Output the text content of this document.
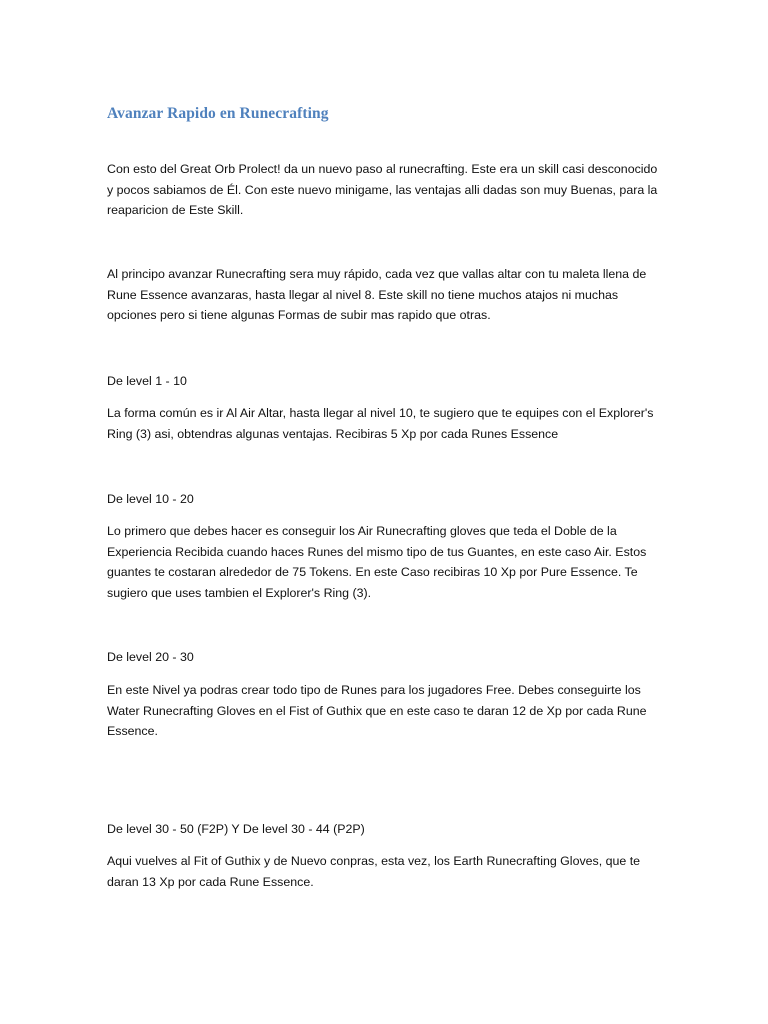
Avanzar Rapido en Runecrafting

Con esto del Great Orb Prolect! da un nuevo paso al runecrafting. Este era un skill casi desconocido y pocos sabiamos de Él. Con este nuevo minigame, las ventajas alli dadas son muy Buenas, para la reaparicion de Este Skill.

Al principo avanzar Runecrafting sera muy rápido, cada vez que vallas altar con tu maleta llena de Rune Essence avanzaras, hasta llegar al nivel 8. Este skill no tiene muchos atajos ni muchas opciones pero si tiene algunas Formas de subir mas rapido que otras.

De level 1 - 10

La forma común es ir Al Air Altar, hasta llegar al nivel 10, te sugiero que te equipes con el Explorer's Ring (3) asi, obtendras algunas ventajas. Recibiras 5 Xp por cada Runes Essence

De level 10 - 20

Lo primero que debes hacer es conseguir los Air Runecrafting gloves que teda el Doble de la Experiencia Recibida cuando haces Runes del mismo tipo de tus Guantes, en este caso Air. Estos guantes te costaran alrededor de 75 Tokens. En este Caso recibiras 10 Xp por Pure Essence. Te sugiero que uses tambien el Explorer's Ring (3).

De level 20 - 30

En este Nivel ya podras crear todo tipo de Runes para los jugadores Free. Debes conseguirte los Water Runecrafting Gloves en el Fist of Guthix que en este caso te daran 12 de Xp por cada Rune Essence.

De level 30 - 50 (F2P) Y De level 30 - 44 (P2P)

Aqui vuelves al Fit of Guthix y de Nuevo conpras, esta vez, los Earth Runecrafting Gloves, que te daran 13 Xp por cada Rune Essence.
